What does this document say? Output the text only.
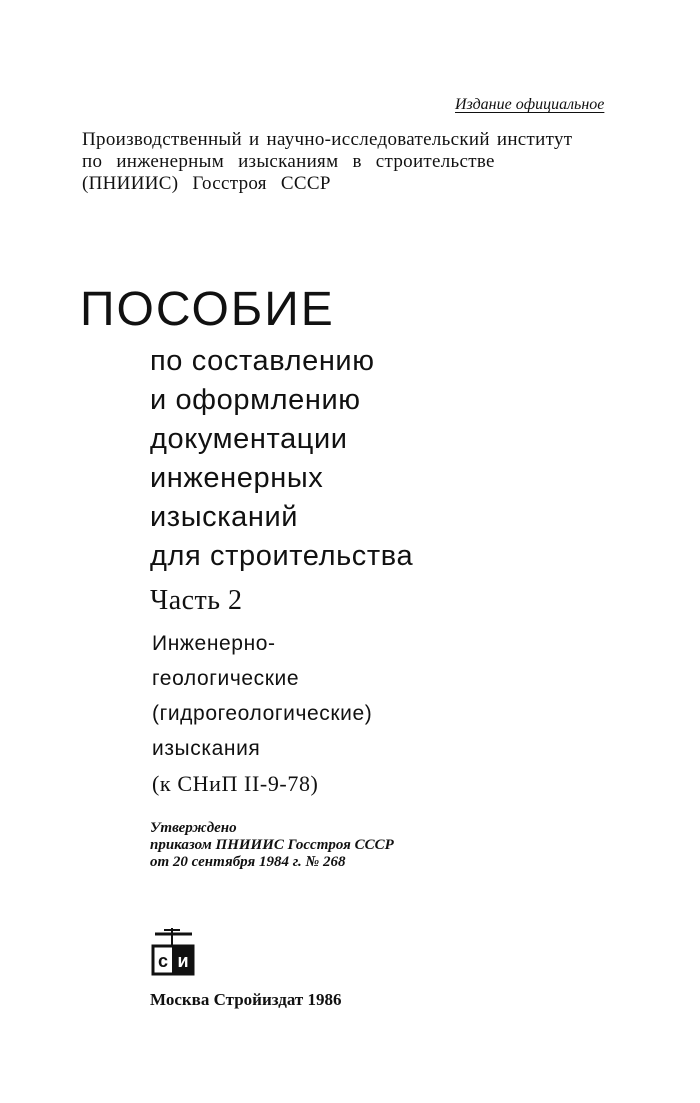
Издание официальное
Производственный и научно-исследовательский институт
по инженерным изысканиям в строительстве
(ПНИИИС) Госстроя СССР
ПОСОБИЕ
по составлению
и оформлению
документации
инженерных
изысканий
для строительства
Часть 2
Инженерно-
геологические
(гидрогеологические)
изыскания
(к СНиП II-9-78)
Утверждено
приказом ПНИИИС Госстроя СССР
от 20 сентября 1984 г. № 268
с и
Москва Стройиздат 1986
